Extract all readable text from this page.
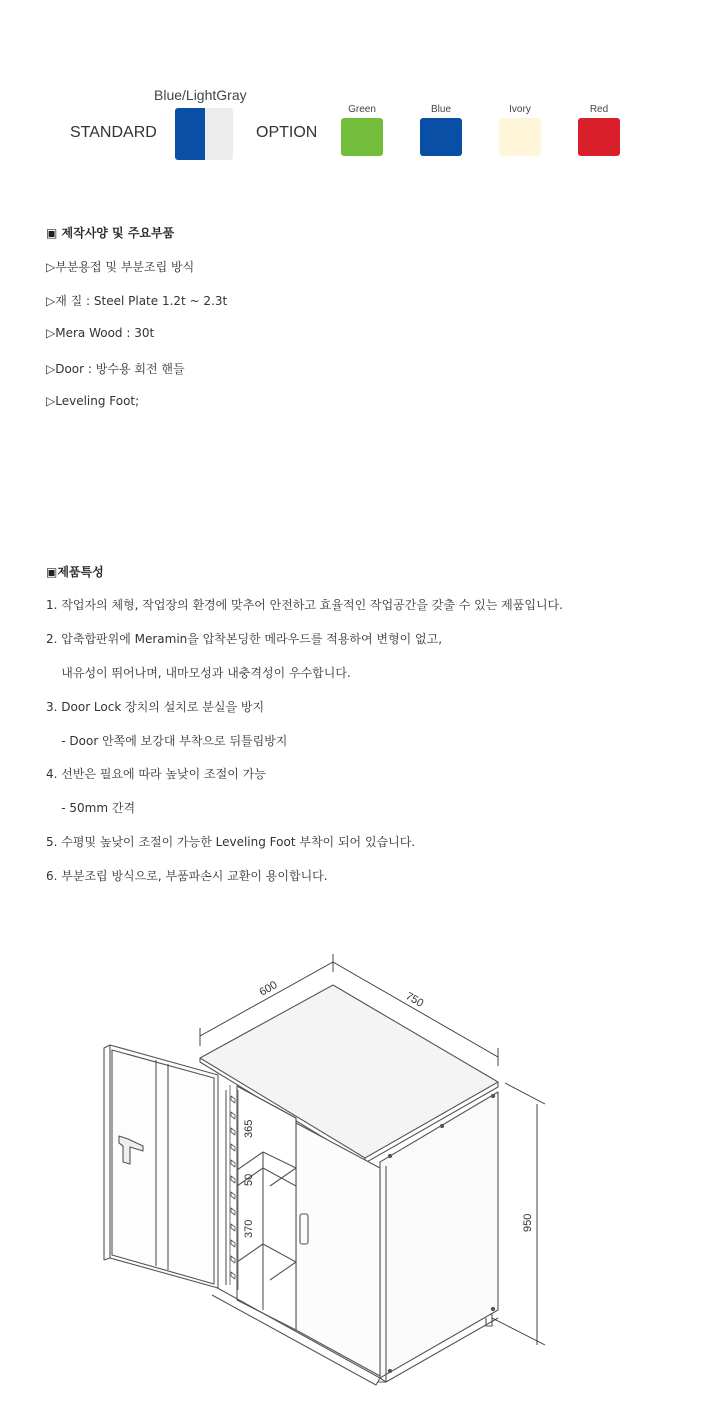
Blue/LightGray
STANDARD	OPTION
Green	Blue	Ivory	Red
▣ 제작사양 및 주요부품
▷부분용접 및 부분조립 방식
▷재 질 : Steel Plate 1.2t ~ 2.3t
▷Mera Wood : 30t
▷Door : 방수용 회전 핸들
▷Leveling Foot;
▣제품특성
1. 작업자의 체형, 작업장의 환경에 맞추어 안전하고 효율적인 작업공간을 갖출 수 있는 제품입니다.
2. 압축합판위에 Meramin을 압착본딩한 메라우드를 적용하여 변형이 없고,
내유성이 뛰어나며, 내마모성과 내충격성이 우수합니다.
3. Door Lock 장치의 설치로 분실을 방지
- Door 안쪽에 보강대 부착으로 뒤틀림방지
4. 선반은 필요에 따라 높낮이 조절이 가능
- 50mm 간격
5. 수평및 높낮이 조절이 가능한 Leveling Foot 부착이 되어 있습니다.
6. 부분조립 방식으로, 부품파손시 교환이 용이합니다.
600
750
950
365
50
370
